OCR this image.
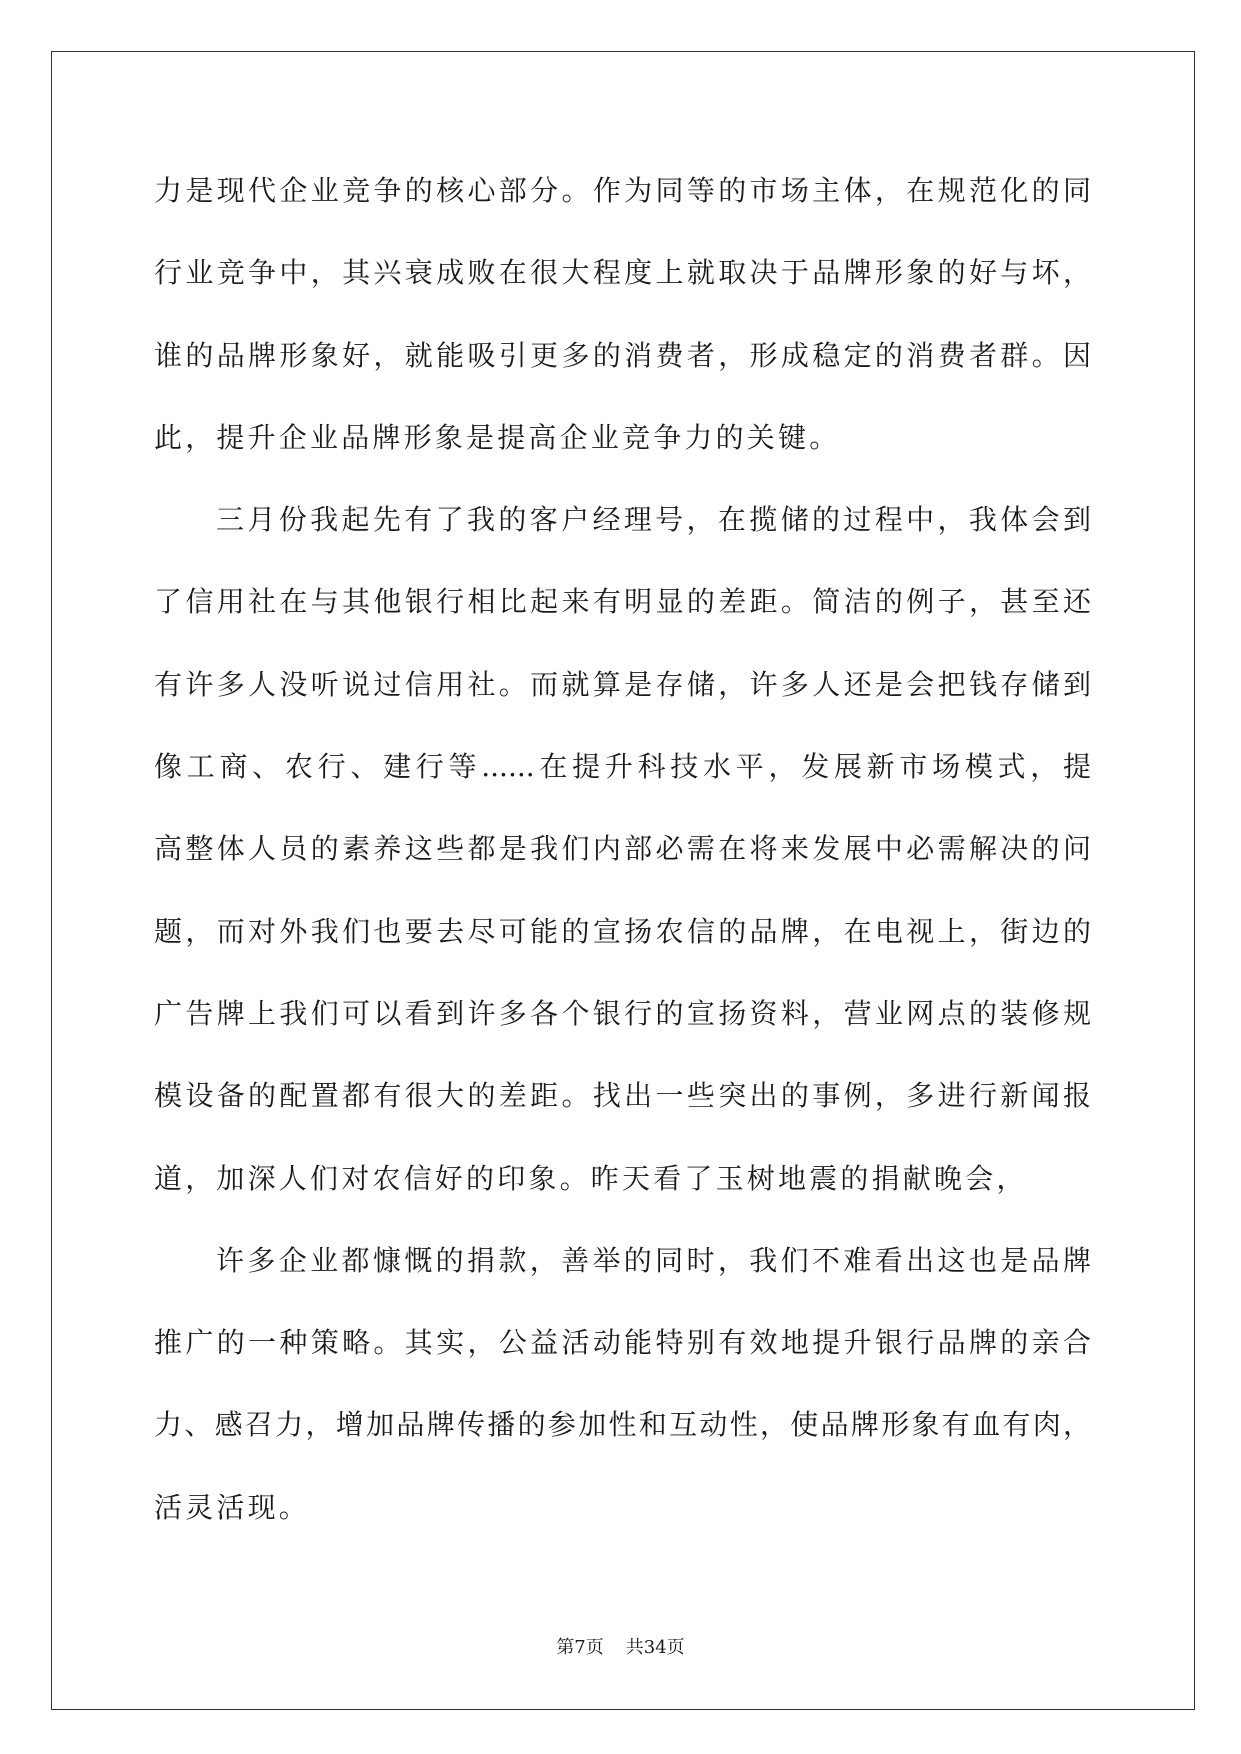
力是现代企业竞争的核心部分。作为同等的市场主体，在规范化的同
行业竞争中，其兴衰成败在很大程度上就取决于品牌形象的好与坏，
谁的品牌形象好，就能吸引更多的消费者，形成稳定的消费者群。因
此，提升企业品牌形象是提高企业竞争力的关键。
三月份我起先有了我的客户经理号，在揽储的过程中，我体会到
了信用社在与其他银行相比起来有明显的差距。简洁的例子，甚至还
有许多人没听说过信用社。而就算是存储，许多人还是会把钱存储到
像工商、农行、建行等......在提升科技水平，发展新市场模式，提
高整体人员的素养这些都是我们内部必需在将来发展中必需解决的问
题，而对外我们也要去尽可能的宣扬农信的品牌，在电视上，街边的
广告牌上我们可以看到许多各个银行的宣扬资料，营业网点的装修规
模设备的配置都有很大的差距。找出一些突出的事例，多进行新闻报
道，加深人们对农信好的印象。昨天看了玉树地震的捐献晚会，
许多企业都慷慨的捐款，善举的同时，我们不难看出这也是品牌
推广的一种策略。其实，公益活动能特别有效地提升银行品牌的亲合
力、感召力，增加品牌传播的参加性和互动性，使品牌形象有血有肉，
活灵活现。
第7页 共34页
